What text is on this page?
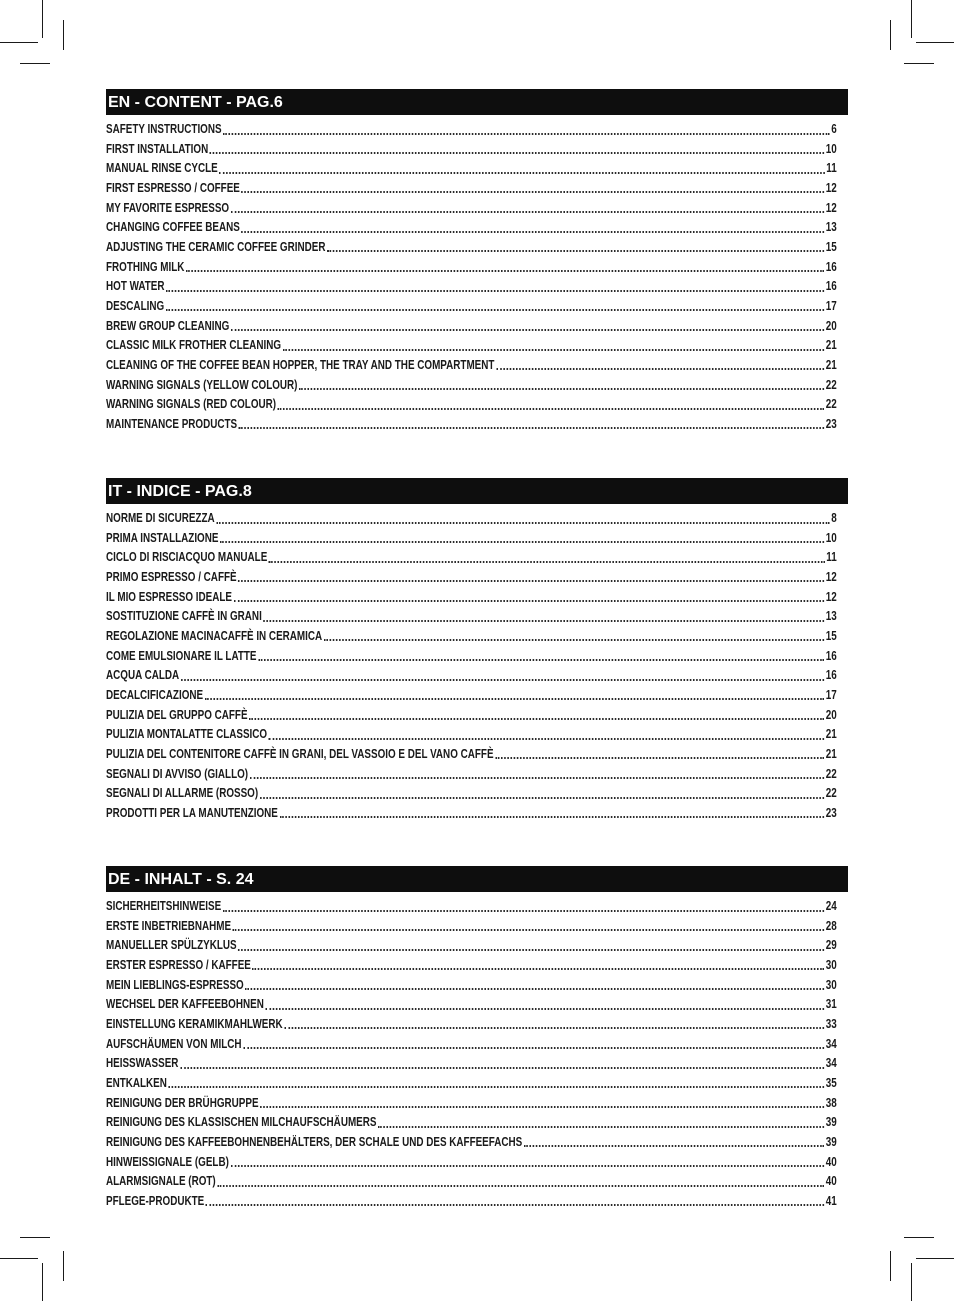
EN - CONTENT - PAG.6
SAFETY INSTRUCTIONS	6
FIRST INSTALLATION	10
MANUAL RINSE CYCLE	11
FIRST ESPRESSO / COFFEE	12
MY FAVORITE ESPRESSO	12
CHANGING COFFEE BEANS	13
ADJUSTING THE CERAMIC COFFEE GRINDER	15
FROTHING MILK	16
HOT WATER	16
DESCALING	17
BREW GROUP CLEANING	20
CLASSIC MILK FROTHER CLEANING	21
CLEANING OF THE COFFEE BEAN HOPPER, THE TRAY AND THE COMPARTMENT	21
WARNING SIGNALS (YELLOW COLOUR)	22
WARNING SIGNALS (RED COLOUR)	22
MAINTENANCE PRODUCTS	23
IT - INDICE - PAG.8
NORME DI SICUREZZA	8
PRIMA INSTALLAZIONE	10
CICLO DI RISCIACQUO MANUALE	11
PRIMO ESPRESSO / CAFFÈ	12
IL MIO ESPRESSO IDEALE	12
SOSTITUZIONE CAFFÈ IN GRANI	13
REGOLAZIONE MACINACAFFÈ IN CERAMICA	15
COME EMULSIONARE IL LATTE	16
ACQUA CALDA	16
DECALCIFICAZIONE	17
PULIZIA DEL GRUPPO CAFFÈ	20
PULIZIA MONTALATTE CLASSICO	21
PULIZIA DEL CONTENITORE CAFFÈ IN GRANI, DEL VASSOIO E DEL VANO CAFFÈ	21
SEGNALI DI AVVISO (GIALLO)	22
SEGNALI DI ALLARME (ROSSO)	22
PRODOTTI PER LA MANUTENZIONE	23
DE - INHALT - S. 24
SICHERHEITSHINWEISE	24
ERSTE INBETRIEBNAHME	28
MANUELLER SPÜLZYKLUS	29
ERSTER ESPRESSO / KAFFEE	30
MEIN LIEBLINGS-ESPRESSO	30
WECHSEL DER KAFFEEBOHNEN	31
EINSTELLUNG KERAMIKMAHLWERK	33
AUFSCHÄUMEN VON MILCH	34
HEISSWASSER	34
ENTKALKEN	35
REINIGUNG DER BRÜHGRUPPE	38
REINIGUNG DES KLASSISCHEN MILCHAUFSCHÄUMERS	39
REINIGUNG DES KAFFEEBOHNENBEHÄLTERS, DER SCHALE UND DES KAFFEEFACHS	39
HINWEISSIGNALE (GELB)	40
ALARMSIGNALE (ROT)	40
PFLEGE-PRODUKTE	41
